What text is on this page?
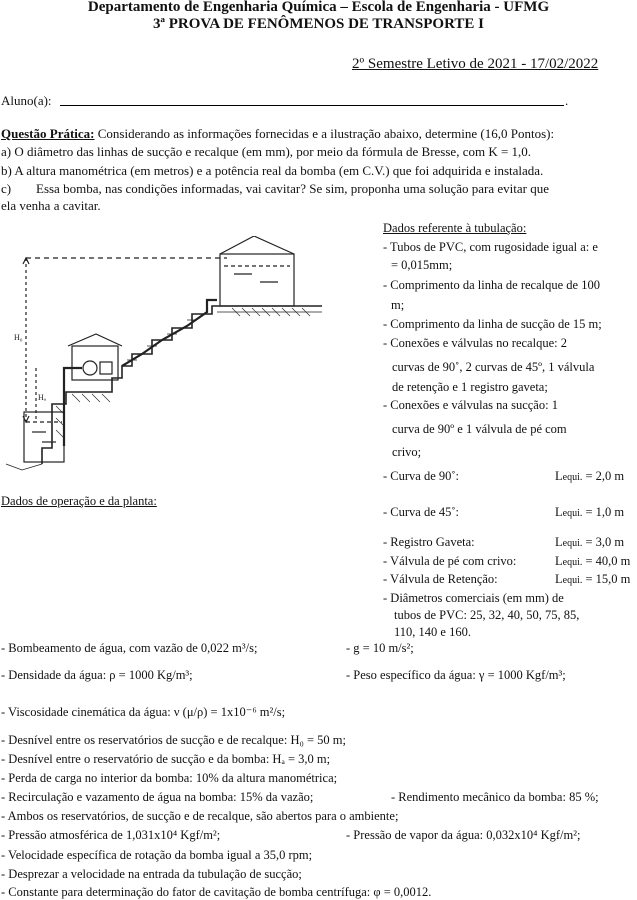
Departamento de Engenharia Química – Escola de Engenharia - UFMG
3ª PROVA DE FENÔMENOS DE TRANSPORTE I
2º Semestre Letivo de 2021 - 17/02/2022
Aluno(a):	.
Questão Prática: Considerando as informações fornecidas e a ilustração abaixo, determine (16,0 Pontos):
a) O diâmetro das linhas de sucção e recalque (em mm), por meio da fórmula de Bresse, com K = 1,0.
b) A altura manométrica (em metros) e a potência real da bomba (em C.V.) que foi adquirida e instalada.
c) Essa bomba, nas condições informadas, vai cavitar? Se sim, proponha uma solução para evitar que
ela venha a cavitar.
H₀
Hₐ
Dados referente à tubulação:
- Tubos de PVC, com rugosidade igual a: e
= 0,015mm;
- Comprimento da linha de recalque de 100
m;
- Comprimento da linha de sucção de 15 m;
- Conexões e válvulas no recalque: 2
curvas de 90˚, 2 curvas de 45º, 1 válvula
de retenção e 1 registro gaveta;
- Conexões e válvulas na sucção: 1
curva de 90º e 1 válvula de pé com
crivo;
- Curva de 90˚:	Lequi. = 2,0 m
- Curva de 45˚:	Lequi. = 1,0 m
- Registro Gaveta:	Lequi. = 3,0 m
- Válvula de pé com crivo:	Lequi. = 40,0 m
- Válvula de Retenção:	Lequi. = 15,0 m
- Diâmetros comerciais (em mm) de
tubos de PVC: 25, 32, 40, 50, 75, 85,
110, 140 e 160.
Dados de operação e da planta:
- Bombeamento de água, com vazão de 0,022 m³/s;	- g = 10 m/s²;
- Densidade da água: ρ = 1000 Kg/m³;	- Peso específico da água: γ = 1000 Kgf/m³;
- Viscosidade cinemática da água: ν (μ/ρ) = 1x10⁻⁶ m²/s;
- Desnível entre os reservatórios de sucção e de recalque: H₀ = 50 m;
- Desnível entre o reservatório de sucção e da bomba: Hₐ = 3,0 m;
- Perda de carga no interior da bomba: 10% da altura manométrica;
- Recirculação e vazamento de água na bomba: 15% da vazão;	- Rendimento mecânico da bomba: 85 %;
- Ambos os reservatórios, de sucção e de recalque, são abertos para o ambiente;
- Pressão atmosférica de 1,031x10⁴ Kgf/m²;	- Pressão de vapor da água: 0,032x10⁴ Kgf/m²;
- Velocidade específica de rotação da bomba igual a 35,0 rpm;
- Desprezar a velocidade na entrada da tubulação de sucção;
- Constante para determinação do fator de cavitação de bomba centrífuga: φ = 0,0012.
